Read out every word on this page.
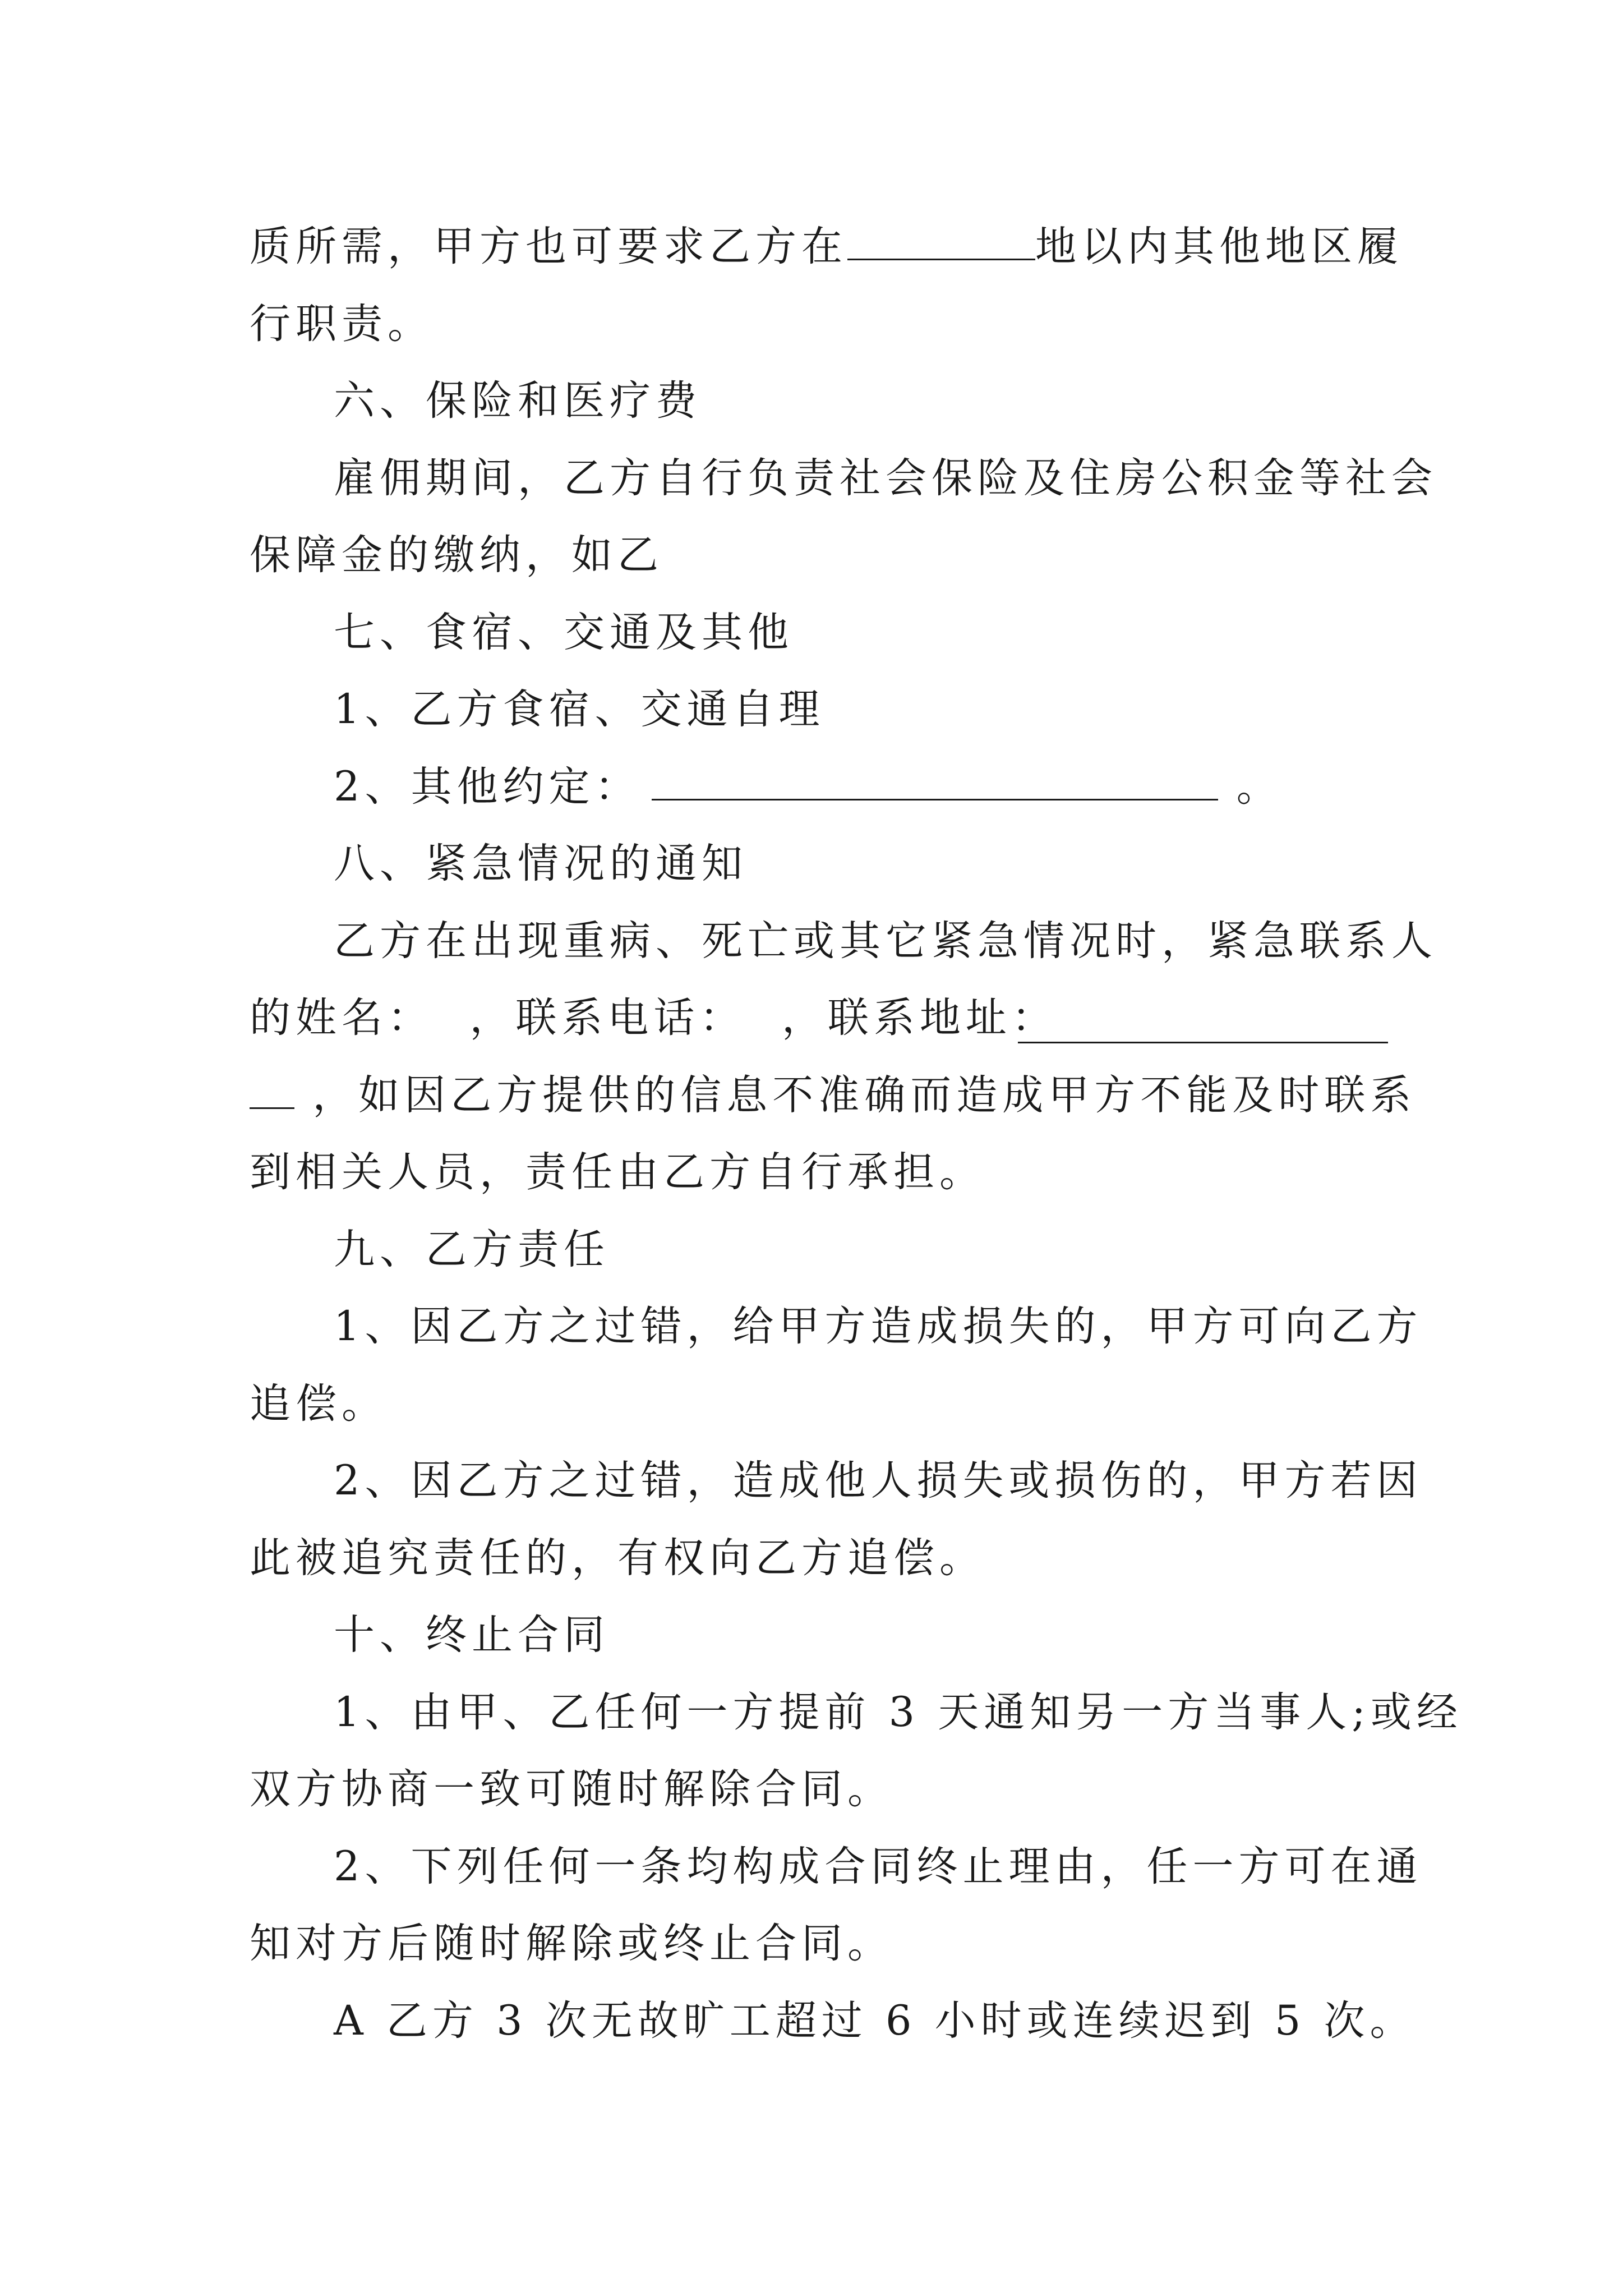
质所需，甲方也可要求乙方在	地以内其他地区履
行职责。
六、保险和医疗费
雇佣期间，乙方自行负责社会保险及住房公积金等社会
保障金的缴纳，如乙
七、食宿、交通及其他
1、乙方食宿、交通自理
2、其他约定：	。
八、紧急情况的通知
乙方在出现重病、死亡或其它紧急情况时，紧急联系人
的姓名：  ，联系电话：  ，联系地址：
，如因乙方提供的信息不准确而造成甲方不能及时联系
到相关人员，责任由乙方自行承担。
九、乙方责任
1、因乙方之过错，给甲方造成损失的，甲方可向乙方
追偿。
2、因乙方之过错，造成他人损失或损伤的，甲方若因
此被追究责任的，有权向乙方追偿。
十、终止合同
1、由甲、乙任何一方提前 3 天通知另一方当事人;或经
双方协商一致可随时解除合同。
2、下列任何一条均构成合同终止理由，任一方可在通
知对方后随时解除或终止合同。
A 乙方 3 次无故旷工超过 6 小时或连续迟到 5 次。
